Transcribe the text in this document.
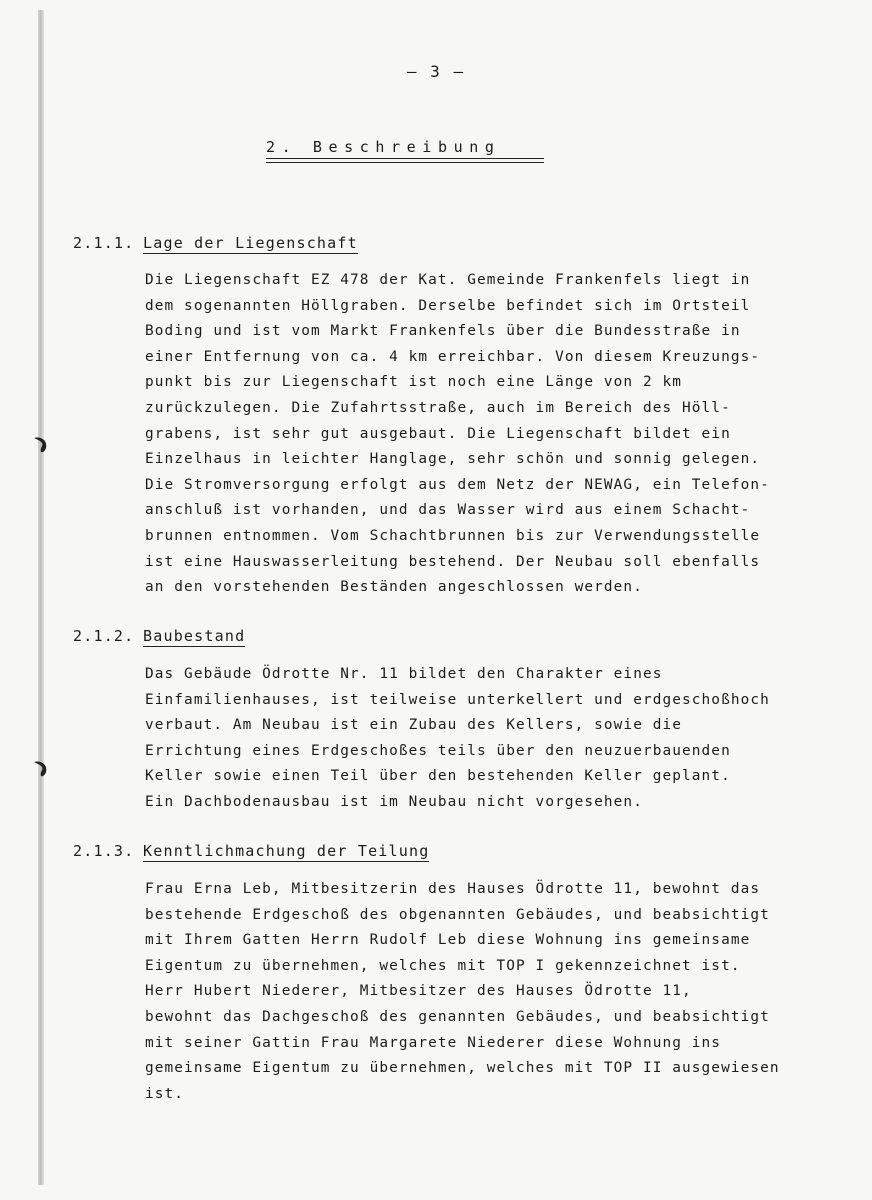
– 3 –
2. Beschreibung
2.1.1. Lage der Liegenschaft
Die Liegenschaft EZ 478 der Kat. Gemeinde Frankenfels liegt in
dem sogenannten Höllgraben. Derselbe befindet sich im Ortsteil
Boding und ist vom Markt Frankenfels über die Bundesstraße in
einer Entfernung von ca. 4 km erreichbar. Von diesem Kreuzungs-
punkt bis zur Liegenschaft ist noch eine Länge von 2 km
zurückzulegen. Die Zufahrtsstraße, auch im Bereich des Höll-
grabens, ist sehr gut ausgebaut. Die Liegenschaft bildet ein
Einzelhaus in leichter Hanglage, sehr schön und sonnig gelegen.
Die Stromversorgung erfolgt aus dem Netz der NEWAG, ein Telefon-
anschluß ist vorhanden, und das Wasser wird aus einem Schacht-
brunnen entnommen. Vom Schachtbrunnen bis zur Verwendungsstelle
ist eine Hauswasserleitung bestehend. Der Neubau soll ebenfalls
an den vorstehenden Beständen angeschlossen werden.
2.1.2. Baubestand
Das Gebäude Ödrotte Nr. 11 bildet den Charakter eines
Einfamilienhauses, ist teilweise unterkellert und erdgeschoßhoch
verbaut. Am Neubau ist ein Zubau des Kellers, sowie die
Errichtung eines Erdgeschoßes teils über den neuzuerbauenden
Keller sowie einen Teil über den bestehenden Keller geplant.
Ein Dachbodenausbau ist im Neubau nicht vorgesehen.
2.1.3. Kenntlichmachung der Teilung
Frau Erna Leb, Mitbesitzerin des Hauses Ödrotte 11, bewohnt das
bestehende Erdgeschoß des obgenannten Gebäudes, und beabsichtigt
mit Ihrem Gatten Herrn Rudolf Leb diese Wohnung ins gemeinsame
Eigentum zu übernehmen, welches mit TOP I gekennzeichnet ist.
Herr Hubert Niederer, Mitbesitzer des Hauses Ödrotte 11,
bewohnt das Dachgeschoß des genannten Gebäudes, und beabsichtigt
mit seiner Gattin Frau Margarete Niederer diese Wohnung ins
gemeinsame Eigentum zu übernehmen, welches mit TOP II ausgewiesen
ist.
